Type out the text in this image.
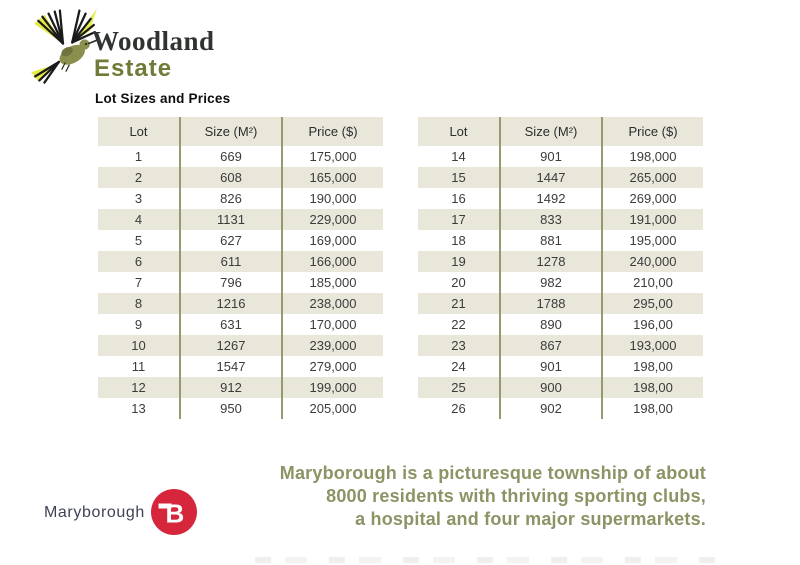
Woodland
Estate
Lot Sizes and Prices
Lot	Size (M²)	Price ($)
1	669	175,000
2	608	165,000
3	826	190,000
4	1131	229,000
5	627	169,000
6	611	166,000
7	796	185,000
8	1216	238,000
9	631	170,000
10	1267	239,000
11	1547	279,000
12	912	199,000
13	950	205,000
Lot	Size (M²)	Price ($)
14	901	198,000
15	1447	265,000
16	1492	269,000
17	833	191,000
18	881	195,000
19	1278	240,000
20	982	210,00
21	1788	295,00
22	890	196,00
23	867	193,000
24	901	198,00
25	900	198,00
26	902	198,00
Maryborough B
Maryborough is a picturesque township of about
8000 residents with thriving sporting clubs,
a hospital and four major supermarkets.
